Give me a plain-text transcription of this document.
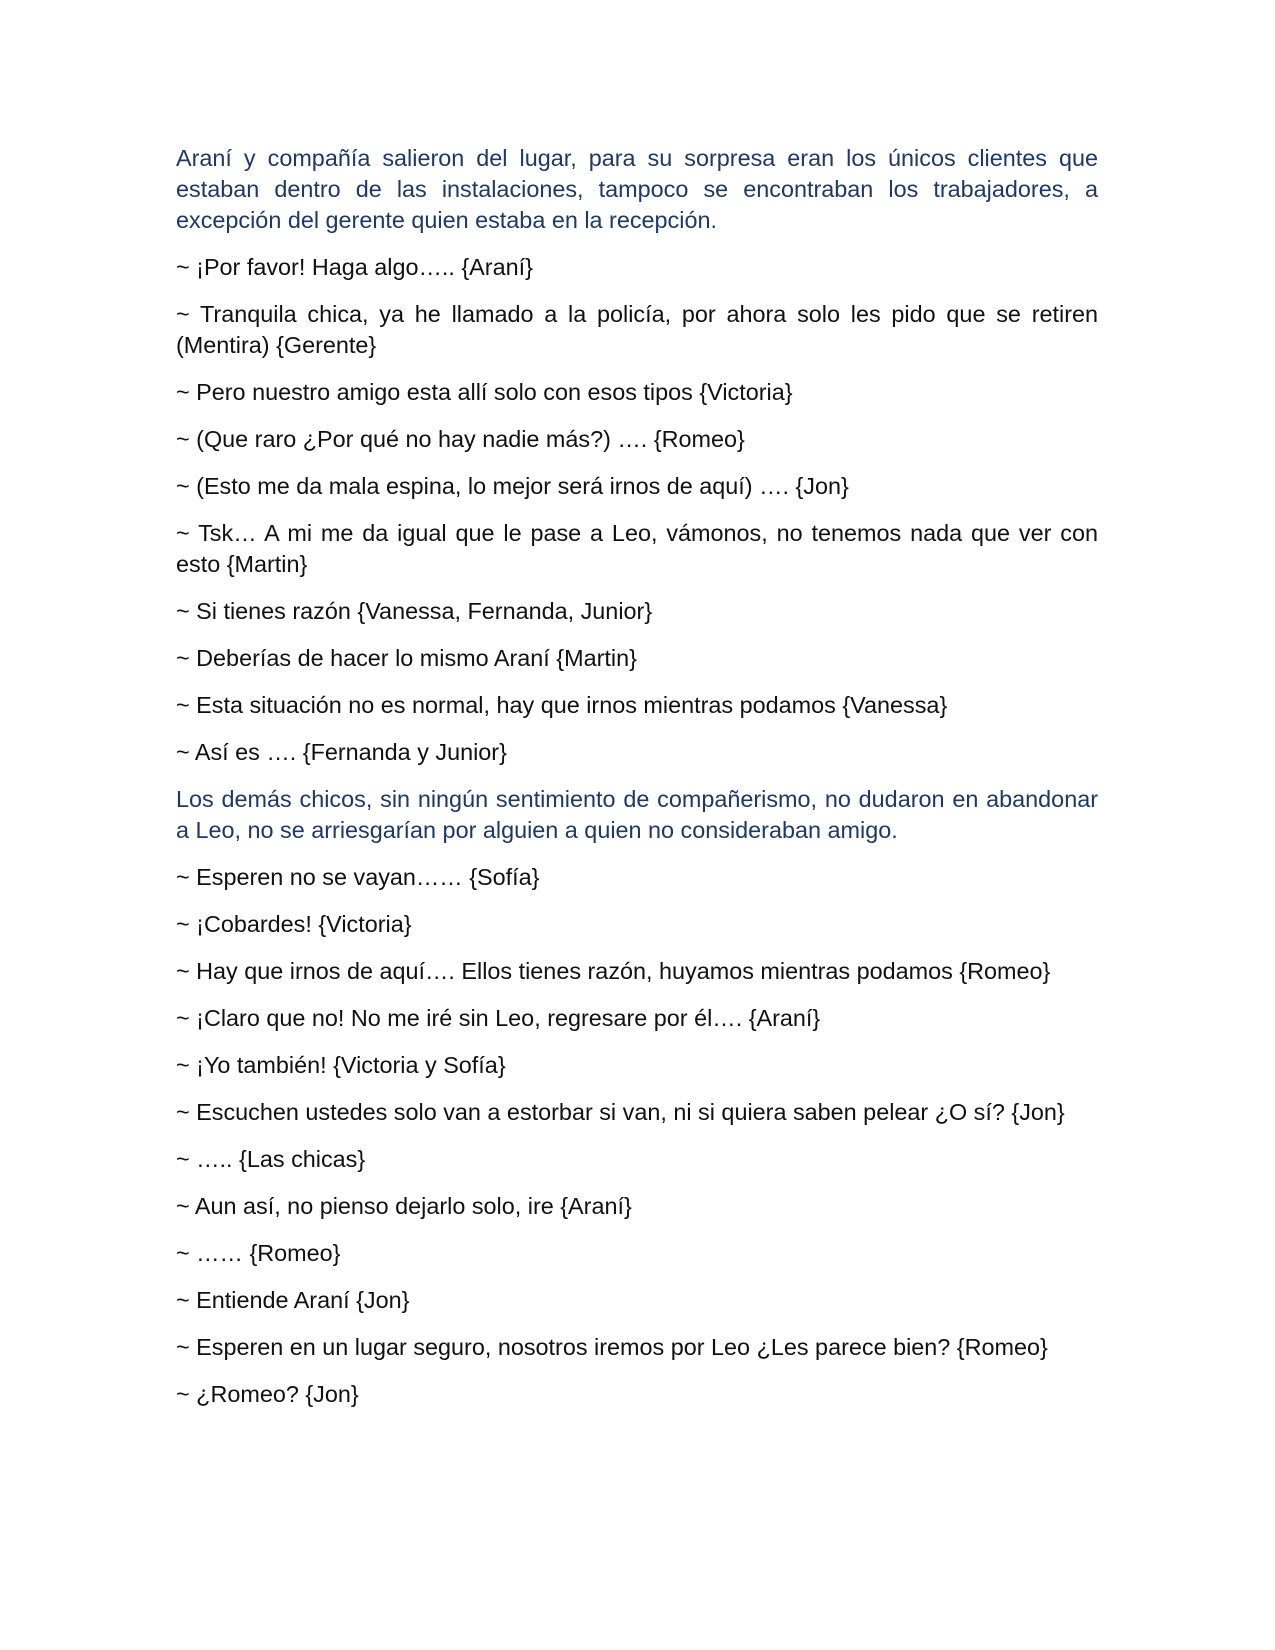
Araní y compañía salieron del lugar, para su sorpresa eran los únicos clientes que estaban dentro de las instalaciones, tampoco se encontraban los trabajadores, a excepción del gerente quien estaba en la recepción.

~ ¡Por favor! Haga algo….. {Araní}

~ Tranquila chica, ya he llamado a la policía, por ahora solo les pido que se retiren (Mentira) {Gerente}

~ Pero nuestro amigo esta allí solo con esos tipos {Victoria}

~ (Que raro ¿Por qué no hay nadie más?) …. {Romeo}

~ (Esto me da mala espina, lo mejor será irnos de aquí) …. {Jon}

~ Tsk… A mi me da igual que le pase a Leo, vámonos, no tenemos nada que ver con esto {Martin}

~ Si tienes razón {Vanessa, Fernanda, Junior}

~ Deberías de hacer lo mismo Araní {Martin}

~ Esta situación no es normal, hay que irnos mientras podamos {Vanessa}

~ Así es …. {Fernanda y Junior}

Los demás chicos, sin ningún sentimiento de compañerismo, no dudaron en abandonar a Leo, no se arriesgarían por alguien a quien no consideraban amigo.

~ Esperen no se vayan…… {Sofía}

~ ¡Cobardes! {Victoria}

~ Hay que irnos de aquí…. Ellos tienes razón, huyamos mientras podamos {Romeo}

~ ¡Claro que no! No me iré sin Leo, regresare por él…. {Araní}

~ ¡Yo también! {Victoria y Sofía}

~ Escuchen ustedes solo van a estorbar si van, ni si quiera saben pelear ¿O sí? {Jon}

~ ….. {Las chicas}

~ Aun así, no pienso dejarlo solo, ire {Araní}

~ …… {Romeo}

~ Entiende Araní {Jon}

~ Esperen en un lugar seguro, nosotros iremos por Leo ¿Les parece bien? {Romeo}

~ ¿Romeo? {Jon}
